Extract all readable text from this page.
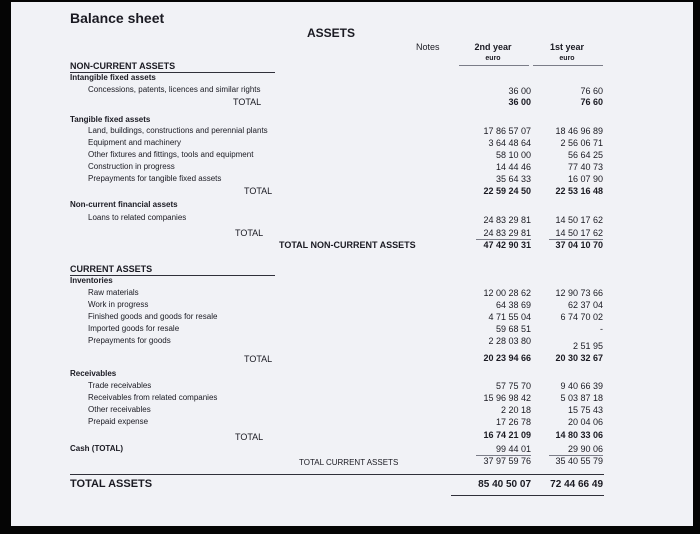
Balance sheet
ASSETS
Notes	2nd year	1st year
euro	euro
NON-CURRENT ASSETS
Intangible fixed assets
Concessions, patents, licences and similar rights	36 00	76 60
TOTAL	36 00	76 60
Tangible fixed assets
Land, buildings, constructions and perennial plants	17 86 57 07	18 46 96 89
Equipment and machinery	3 64 48 64	2 56 06 71
Other fixtures and fittings, tools and equipment	58 10 00	56 64 25
Construction in progress	14 44 46	77 40 73
Prepayments for tangible fixed assets	35 64 33	16 07 90
TOTAL	22 59 24 50	22 53 16 48
Non-current financial assets
Loans to related companies	24 83 29 81	14 50 17 62
TOTAL	24 83 29 81	14 50 17 62
TOTAL NON-CURRENT ASSETS	47 42 90 31	37 04 10 70
CURRENT ASSETS
Inventories
Raw materials	12 00 28 62	12 90 73 66
Work in progress	64 38 69	62 37 04
Finished goods and goods for resale	4 71 55 04	6 74 70 02
Imported goods for resale	59 68 51	-
Prepayments for goods	2 28 03 80	2 51 95
TOTAL	20 23 94 66	20 30 32 67
Receivables
Trade receivables	57 75 70	9 40 66 39
Receivables from related companies	15 96 98 42	5 03 87 18
Other receivables	2 20 18	15 75 43
Prepaid expense	17 26 78	20 04 06
TOTAL	16 74 21 09	14 80 33 06
Cash (TOTAL)	99 44 01	29 90 06
TOTAL CURRENT ASSETS	37 97 59 76	35 40 55 79
TOTAL ASSETS	85 40 50 07	72 44 66 49
